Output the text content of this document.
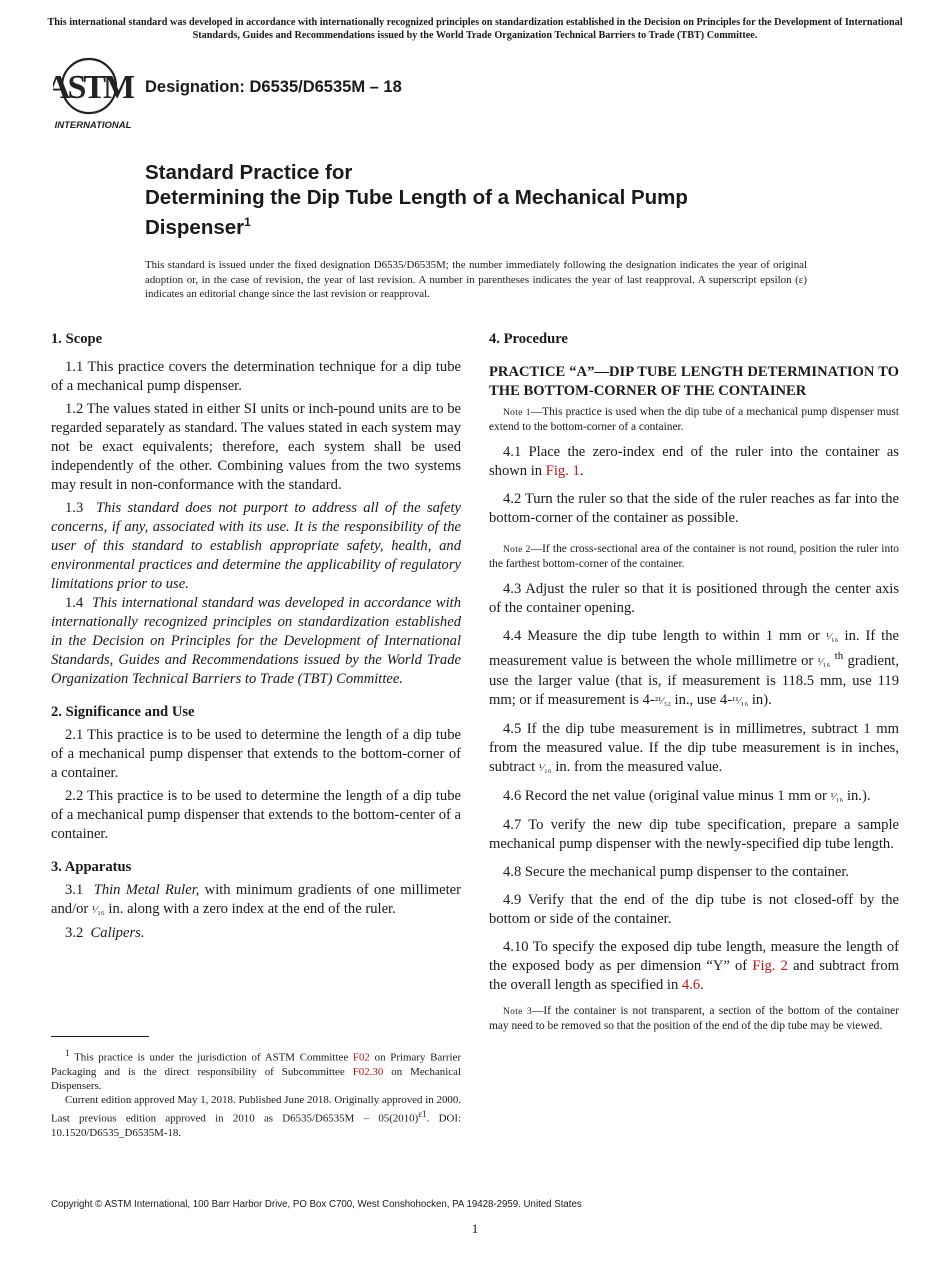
This international standard was developed in accordance with internationally recognized principles on standardization established in the Decision on Principles for the Development of International Standards, Guides and Recommendations issued by the World Trade Organization Technical Barriers to Trade (TBT) Committee.
ASTM
INTERNATIONAL
Designation: D6535/D6535M – 18
Standard Practice for
Determining the Dip Tube Length of a Mechanical Pump
Dispenser$^1$
This standard is issued under the fixed designation D6535/D6535M; the number immediately following the designation indicates the year of original adoption or, in the case of revision, the year of last revision. A number in parentheses indicates the year of last reapproval. A superscript epsilon (ε) indicates an editorial change since the last revision or reapproval.

1. Scope

1.1 This practice covers the determination technique for a dip tube of a mechanical pump dispenser.

1.2 The values stated in either SI units or inch-pound units are to be regarded separately as standard. The values stated in each system may not be exact equivalents; therefore, each system shall be used independently of the other. Combining values from the two systems may result in non-conformance with the standard.

1.3 This standard does not purport to address all of the safety concerns, if any, associated with its use. It is the responsibility of the user of this standard to establish appropriate safety, health, and environmental practices and determine the applicability of regulatory limitations prior to use.

1.4 This international standard was developed in accordance with internationally recognized principles on standardization established in the Decision on Principles for the Development of International Standards, Guides and Recommendations issued by the World Trade Organization Technical Barriers to Trade (TBT) Committee.

2. Significance and Use

2.1 This practice is to be used to determine the length of a dip tube of a mechanical pump dispenser that extends to the bottom-corner of a container.

2.2 This practice is to be used to determine the length of a dip tube of a mechanical pump dispenser that extends to the bottom-center of a container.

3. Apparatus

3.1 Thin Metal Ruler, with minimum gradients of one millimeter and/or ¹⁄₁₆ in. along with a zero index at the end of the ruler.

3.2 Calipers.

4. Procedure

PRACTICE “A”—DIP TUBE LENGTH DETERMINATION TO THE BOTTOM-CORNER OF THE CONTAINER

Note 1—This practice is used when the dip tube of a mechanical pump dispenser must extend to the bottom-corner of a container.

4.1 Place the zero-index end of the ruler into the container as shown in Fig. 1.

4.2 Turn the ruler so that the side of the ruler reaches as far into the bottom-corner of the container as possible.

Note 2—If the cross-sectional area of the container is not round, position the ruler into the farthest bottom-corner of the container.

4.3 Adjust the ruler so that it is positioned through the center axis of the container opening.

4.4 Measure the dip tube length to within 1 mm or ¹⁄₁₆ in. If the measurement value is between the whole millimetre or ¹⁄₁₆ $^{th}$ gradient, use the larger value (that is, if measurement is 118.5 mm, use 119 mm; or if measurement is 4-²¹⁄₃₂ in., use 4-¹¹⁄₁₆ in).

4.5 If the dip tube measurement is in millimetres, subtract 1 mm from the measured value. If the dip tube measurement is in inches, subtract ¹⁄₁₆ in. from the measured value.

4.6 Record the net value (original value minus 1 mm or ¹⁄₁₆ in.).

4.7 To verify the new dip tube specification, prepare a sample mechanical pump dispenser with the newly-specified dip tube length.

4.8 Secure the mechanical pump dispenser to the container.

4.9 Verify that the end of the dip tube is not closed-off by the bottom or side of the container.

4.10 To specify the exposed dip tube length, measure the length of the exposed body as per dimension “Y” of Fig. 2 and subtract from the overall length as specified in 4.6.

Note 3—If the container is not transparent, a section of the bottom of the container may need to be removed so that the position of the end of the dip tube may be viewed.

$^1$ This practice is under the jurisdiction of ASTM Committee F02 on Primary Barrier Packaging and is the direct responsibility of Subcommittee F02.30 on Mechanical Dispensers.

Current edition approved May 1, 2018. Published June 2018. Originally approved in 2000. Last previous edition approved in 2010 as $D6535/D6535M - 05(2010)^{\varepsilon 1}$. DOI: 10.1520/D6535_D6535M-18.

Copyright © ASTM International, 100 Barr Harbor Drive, PO Box C700, West Conshohocken, PA 19428-2959. United States
1
